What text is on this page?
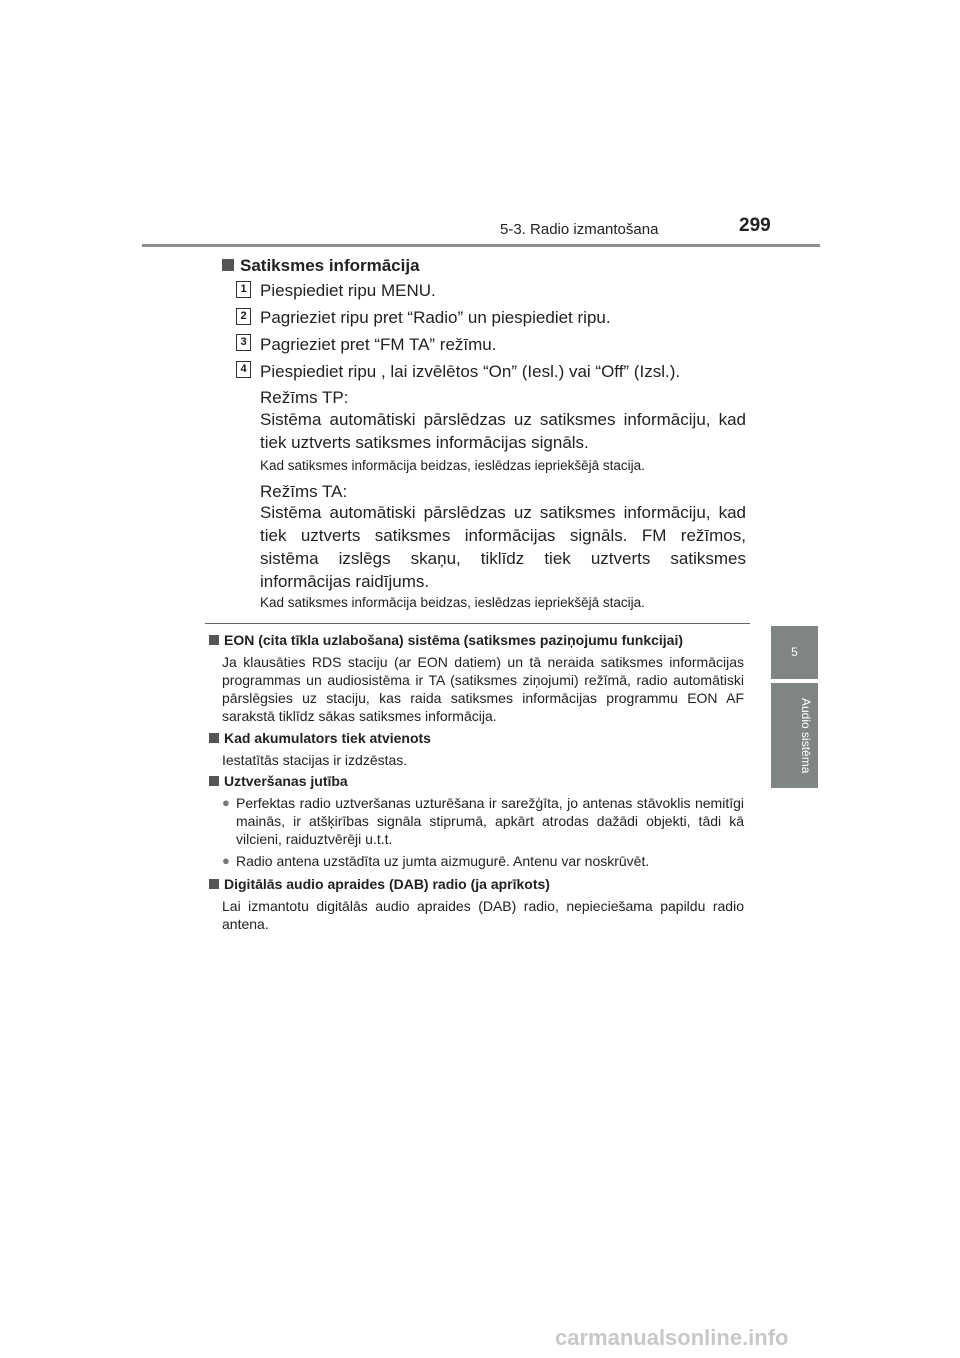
5-3. Radio izmantošana	299
5
Audio sistēma
Satiksmes informācija
1 Piespiediet ripu MENU.
2 Pagrieziet ripu pret “Radio” un piespiediet ripu.
3 Pagrieziet pret “FM TA” režīmu.
4 Piespiediet ripu , lai izvēlētos “On” (Iesl.) vai “Off” (Izsl.).
Režīms TP:
Sistēma automātiski pārslēdzas uz satiksmes informāciju, kad tiek uztverts satiksmes informācijas signāls.
Kad satiksmes informācija beidzas, ieslēdzas iepriekšējā stacija.
Režīms TA:
Sistēma automātiski pārslēdzas uz satiksmes informāciju, kad tiek uztverts satiksmes informācijas signāls. FM režīmos, sistēma izslēgs skaņu, tiklīdz tiek uztverts satiksmes informācijas raidījums.
Kad satiksmes informācija beidzas, ieslēdzas iepriekšējā stacija.
EON (cita tīkla uzlabošana) sistēma (satiksmes paziņojumu funkcijai)
Ja klausāties RDS staciju (ar EON datiem) un tā neraida satiksmes informācijas programmas un audiosistēma ir TA (satiksmes ziņojumi) režīmā, radio automātiski pārslēgsies uz staciju, kas raida satiksmes informācijas programmu EON AF sarakstā tiklīdz sākas satiksmes informācija.
Kad akumulators tiek atvienots
Iestatītās stacijas ir izdzēstas.
Uztveršanas jutība
● Perfektas radio uztveršanas uzturēšana ir sarežģīta, jo antenas stāvoklis nemitīgi mainās, ir atšķirības signāla stiprumā, apkārt atrodas dažādi objekti, tādi kā vilcieni, raiduztvērēji u.t.t.
● Radio antena uzstādīta uz jumta aizmugurē. Antenu var noskrūvēt.
Digitālās audio apraides (DAB) radio (ja aprīkots)
Lai izmantotu digitālās audio apraides (DAB) radio, nepieciešama papildu radio antena.
carmanualsonline.info
